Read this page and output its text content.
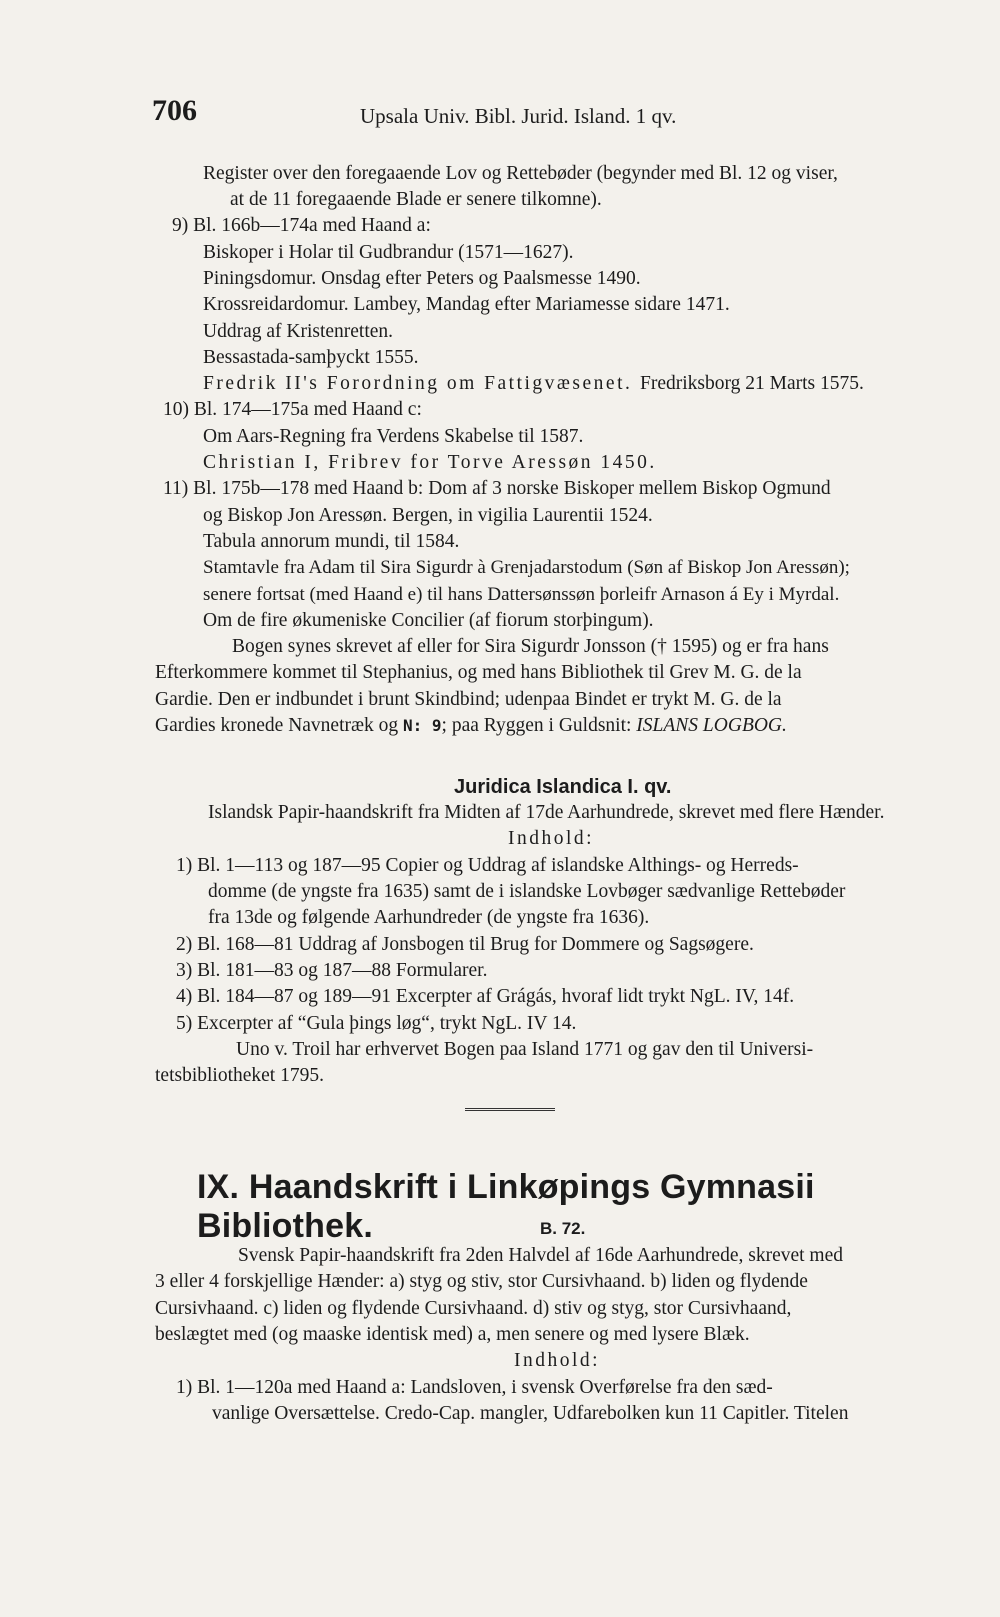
706	Upsala Univ. Bibl. Jurid. Island. 1 qv.
Register over den foregaaende Lov og Rettebøder (begynder med Bl. 12 og viser,
at de 11 foregaaende Blade er senere tilkomne).
9) Bl. 166b—174a med Haand a:
Biskoper i Holar til Gudbrandur (1571—1627).
Piningsdomur. Onsdag efter Peters og Paalsmesse 1490.
Krossreidardomur. Lambey, Mandag efter Mariamesse sidare 1471.
Uddrag af Kristenretten.
Bessastada-samþyckt 1555.
Fredrik II's Forordning om Fattigvæsenet. Fredriksborg 21 Marts 1575.
10) Bl. 174—175a med Haand c:
Om Aars-Regning fra Verdens Skabelse til 1587.
Christian I, Fribrev for Torve Aressøn 1450.
11) Bl. 175b—178 med Haand b: Dom af 3 norske Biskoper mellem Biskop Ogmund
og Biskop Jon Aressøn. Bergen, in vigilia Laurentii 1524.
Tabula annorum mundi, til 1584.
Stamtavle fra Adam til Sira Sigurdr à Grenjadarstodum (Søn af Biskop Jon Aressøn);
senere fortsat (med Haand e) til hans Dattersønssøn þorleifr Arnason á Ey i Myrdal.
Om de fire økumeniske Concilier (af fiorum storþingum).
Bogen synes skrevet af eller for Sira Sigurdr Jonsson († 1595) og er fra hans
Efterkommere kommet til Stephanius, og med hans Bibliothek til Grev M. G. de la
Gardie. Den er indbundet i brunt Skindbind; udenpaa Bindet er trykt M. G. de la
Gardies kronede Navnetræk og N: 9; paa Ryggen i Guldsnit: ISLANS LOGBOG.
Juridica Islandica I. qv.
Islandsk Papir-haandskrift fra Midten af 17de Aarhundrede, skrevet med flere Hænder.
Indhold:
1) Bl. 1—113 og 187—95 Copier og Uddrag af islandske Althings- og Herreds-
domme (de yngste fra 1635) samt de i islandske Lovbøger sædvanlige Rettebøder
fra 13de og følgende Aarhundreder (de yngste fra 1636).
2) Bl. 168—81 Uddrag af Jonsbogen til Brug for Dommere og Sagsøgere.
3) Bl. 181—83 og 187—88 Formularer.
4) Bl. 184—87 og 189—91 Excerpter af Grágás, hvoraf lidt trykt NgL. IV, 14f.
5) Excerpter af “Gula þings løg“, trykt NgL. IV 14.
Uno v. Troil har erhvervet Bogen paa Island 1771 og gav den til Universi-
tetsbibliotheket 1795.
IX. Haandskrift i Linkøpings Gymnasii Bibliothek.	B. 72.
Svensk Papir-haandskrift fra 2den Halvdel af 16de Aarhundrede, skrevet med
3 eller 4 forskjellige Hænder: a) styg og stiv, stor Cursivhaand. b) liden og flydende
Cursivhaand. c) liden og flydende Cursivhaand. d) stiv og styg, stor Cursivhaand,
beslægtet med (og maaske identisk med) a, men senere og med lysere Blæk.
Indhold:
1) Bl. 1—120a med Haand a: Landsloven, i svensk Overførelse fra den sæd-
vanlige Oversættelse. Credo-Cap. mangler, Udfarebolken kun 11 Capitler. Titelen
